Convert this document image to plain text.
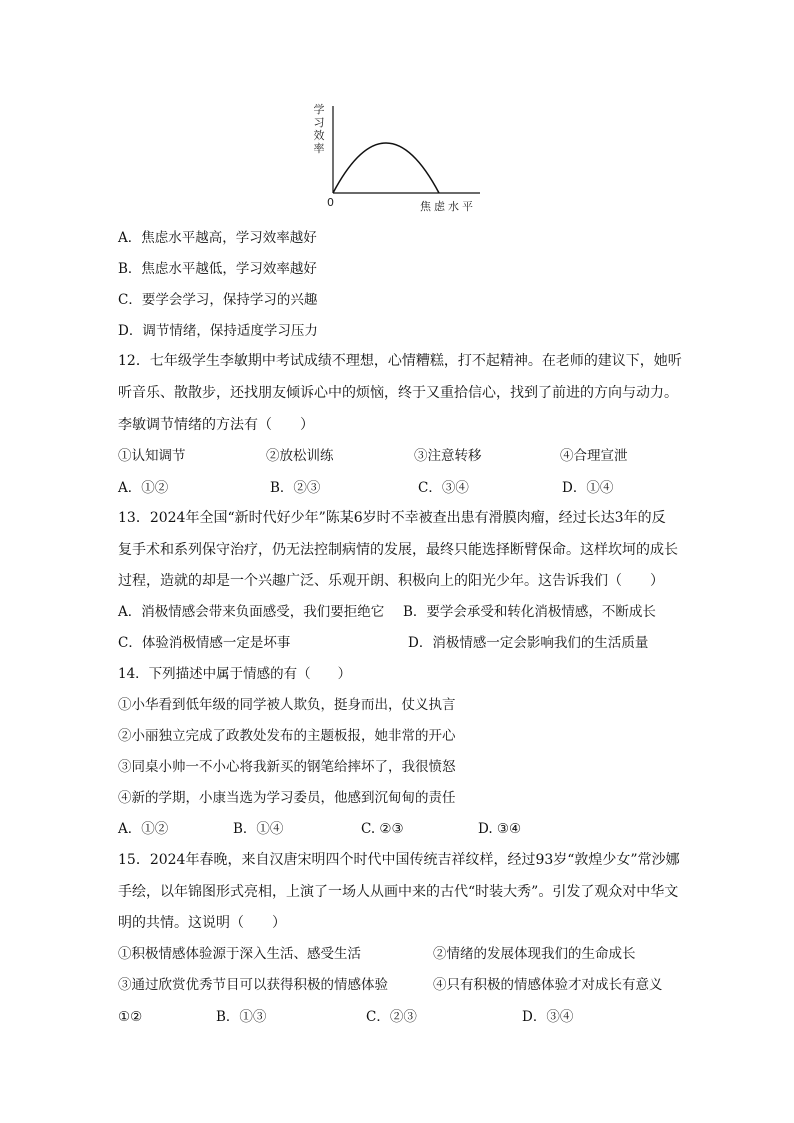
学
习
效
率
0	焦虑水平
A．焦虑水平越高，学习效率越好
B．焦虑水平越低，学习效率越好
C．要学会学习，保持学习的兴趣
D．调节情绪，保持适度学习压力
12．七年级学生李敏期中考试成绩不理想，心情糟糕，打不起精神。在老师的建议下，她听
听音乐、散散步，还找朋友倾诉心中的烦恼，终于又重拾信心，找到了前进的方向与动力。
李敏调节情绪的方法有（　　）
①认知调节	②放松训练	③注意转移	④合理宣泄
A．①②	B．②③	C．③④	D．①④
13．2024年全国“新时代好少年”陈某6岁时不幸被查出患有滑膜肉瘤，经过长达3年的反
复手术和系列保守治疗，仍无法控制病情的发展，最终只能选择断臂保命。这样坎坷的成长
过程，造就的却是一个兴趣广泛、乐观开朗、积极向上的阳光少年。这告诉我们（　　）
A．消极情感会带来负面感受，我们要拒绝它 B．要学会承受和转化消极情感，不断成长
C．体验消极情感一定是坏事	D．消极情感一定会影响我们的生活质量
14．下列描述中属于情感的有（　　）
①小华看到低年级的同学被人欺负，挺身而出，仗义执言
②小丽独立完成了政教处发布的主题板报，她非常的开心
③同桌小帅一不小心将我新买的钢笔给摔坏了，我很愤怒
④新的学期，小康当选为学习委员，他感到沉甸甸的责任
A．①②	B．①④	C. ②③	D. ③④
15．2024年春晚，来自汉唐宋明四个时代中国传统吉祥纹样，经过93岁“敦煌少女”常沙娜
手绘，以年锦图形式亮相，上演了一场人从画中来的古代“时装大秀”。引发了观众对中华文
明的共情。这说明（　　）
①积极情感体验源于深入生活、感受生活	②情绪的发展体现我们的生命成长
③通过欣赏优秀节目可以获得积极的情感体验	④只有积极的情感体验才对成长有意义
①②	B．①③	C．②③	D．③④
